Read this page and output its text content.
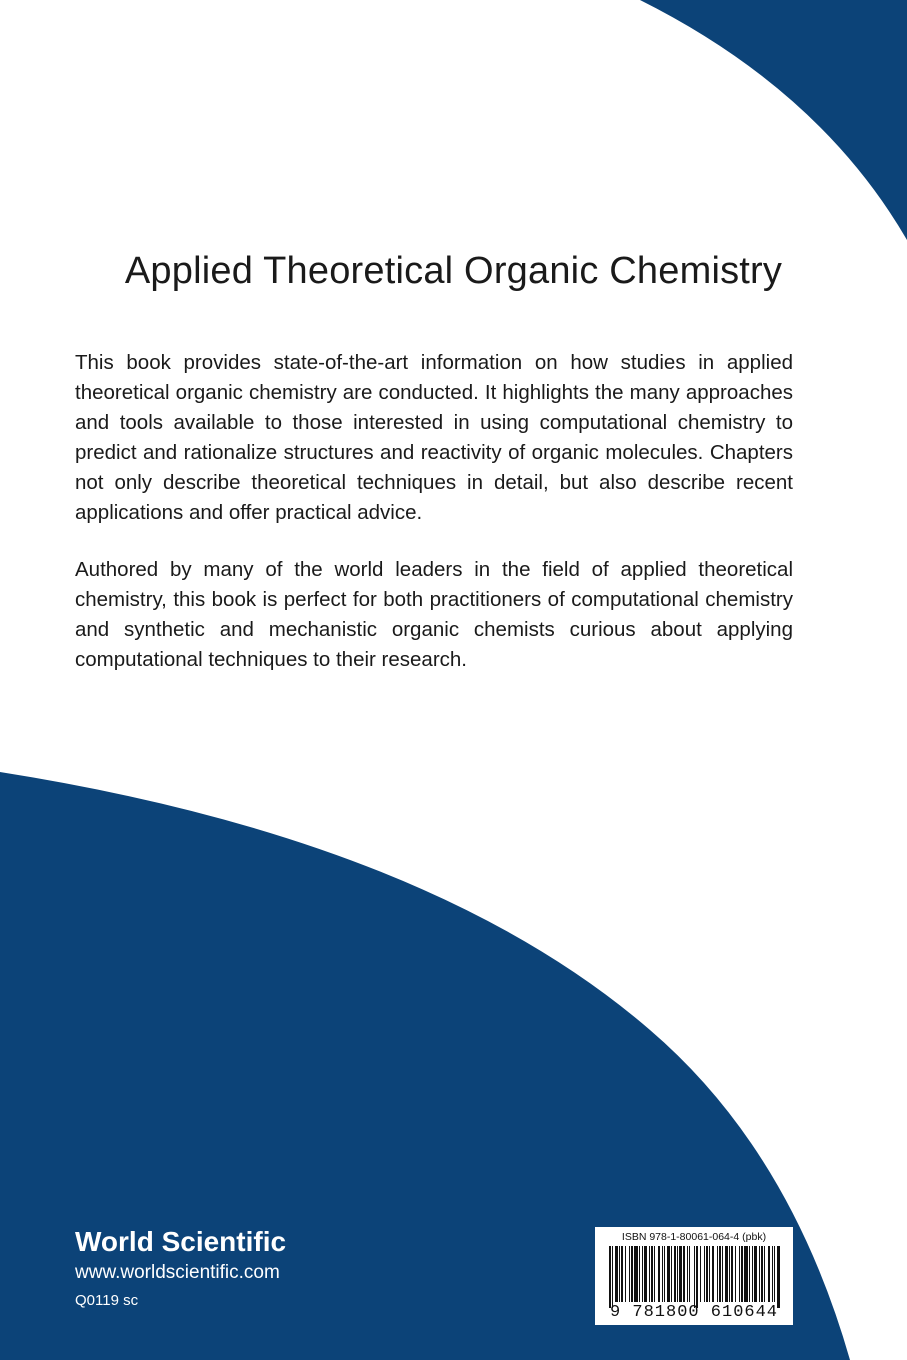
Applied Theoretical Organic Chemistry

This book provides state-of-the-art information on how studies in applied theoretical organic chemistry are conducted. It highlights the many approaches and tools available to those interested in using computational chemistry to predict and rationalize structures and reactivity of organic molecules. Chapters not only describe theoretical techniques in detail, but also describe recent applications and offer practical advice.

Authored by many of the world leaders in the field of applied theoretical chemistry, this book is perfect for both practitioners of computational chemistry and synthetic and mechanistic organic chemists curious about applying computational techniques to their research.

World Scientific
www.worldscientific.com
Q0119 sc
ISBN 978-1-80061-064-4 (pbk)
9 781800 610644
